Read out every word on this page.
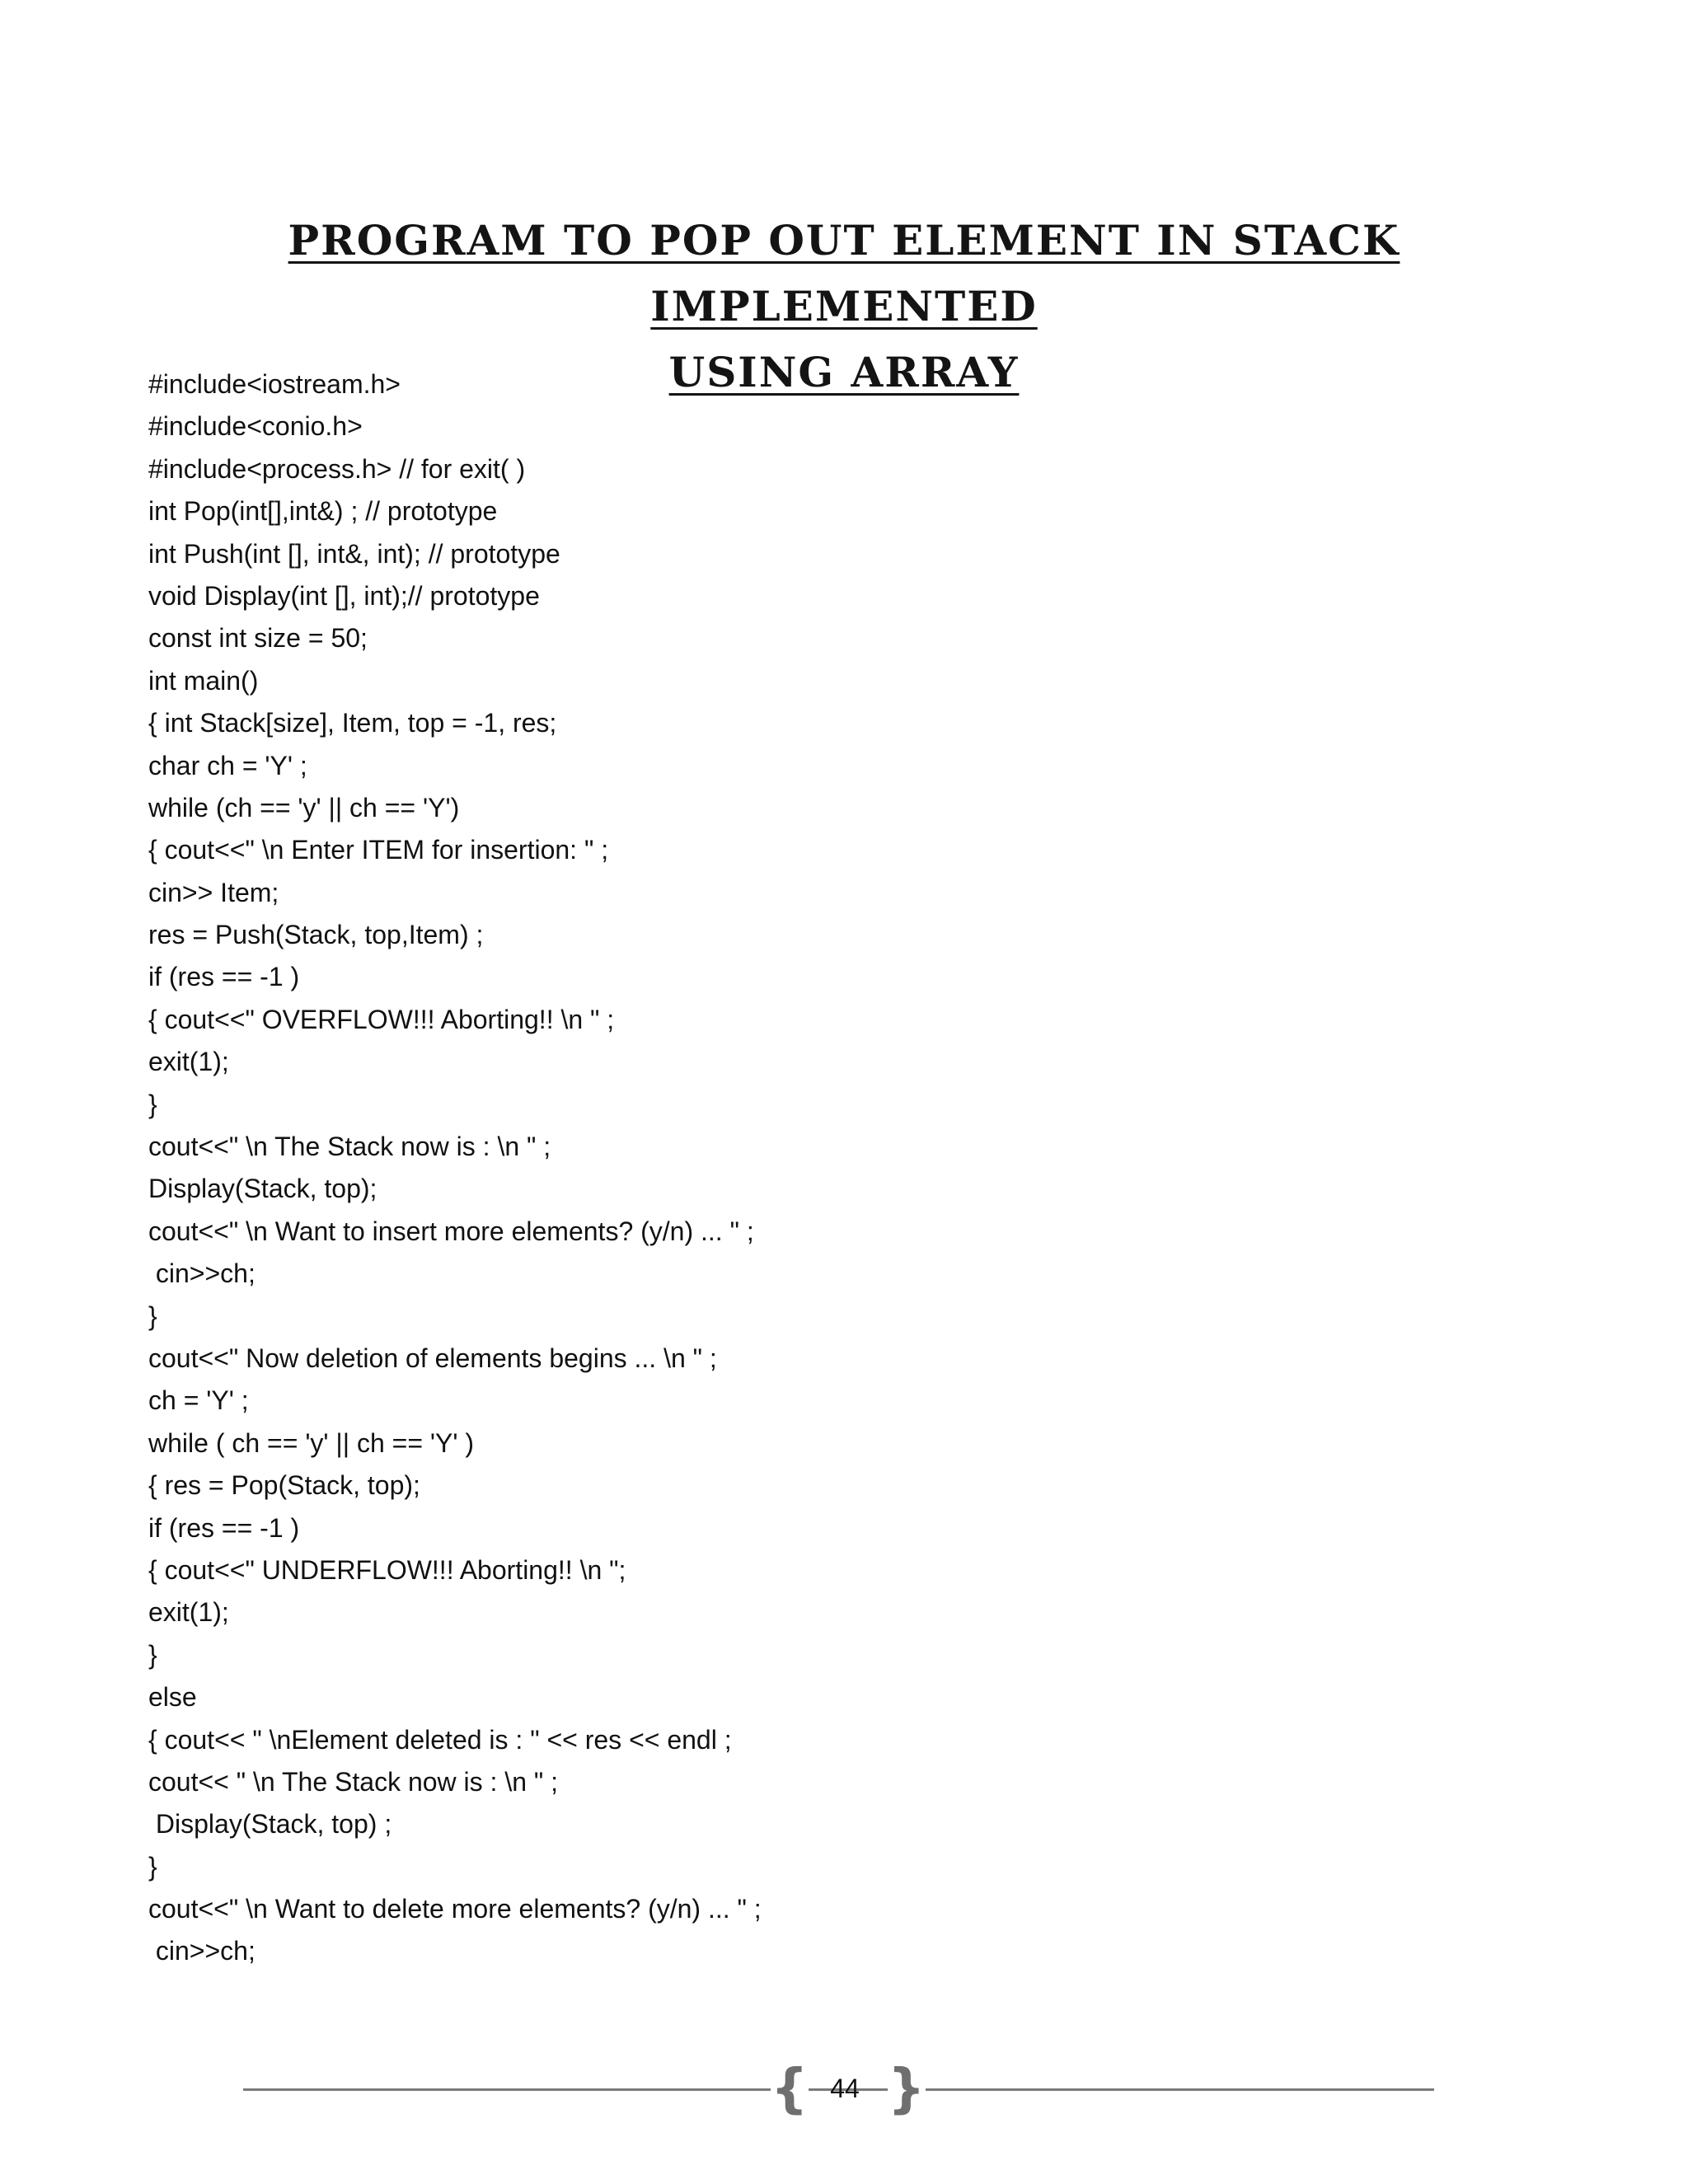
PROGRAM TO POP OUT ELEMENT IN STACK IMPLEMENTED
USING ARRAY
#include<iostream.h>
#include<conio.h>
#include<process.h> // for exit( )
int Pop(int[],int&) ; // prototype
int Push(int [], int&, int); // prototype
void Display(int [], int);// prototype
const int size = 50;
int main()
{ int Stack[size], Item, top = -1, res;
char ch = 'Y' ;
while (ch == 'y' || ch == 'Y')
{ cout<<" \n Enter ITEM for insertion: " ;
cin>> Item;
res = Push(Stack, top,Item) ;
if (res == -1 )
{ cout<<" OVERFLOW!!! Aborting!! \n " ;
exit(1);
}
cout<<" \n The Stack now is : \n " ;
Display(Stack, top);
cout<<" \n Want to insert more elements? (y/n) ... " ;
cin>>ch;
}
cout<<" Now deletion of elements begins ... \n " ;
ch = 'Y' ;
while ( ch == 'y' || ch == 'Y' )
{ res = Pop(Stack, top);
if (res == -1 )
{ cout<<" UNDERFLOW!!! Aborting!! \n ";
exit(1);
}
else
{ cout<< " \nElement deleted is : " << res << endl ;
cout<< " \n The Stack now is : \n " ;
Display(Stack, top) ;
}
cout<<" \n Want to delete more elements? (y/n) ... " ;
cin>>ch;
{ 44 }
